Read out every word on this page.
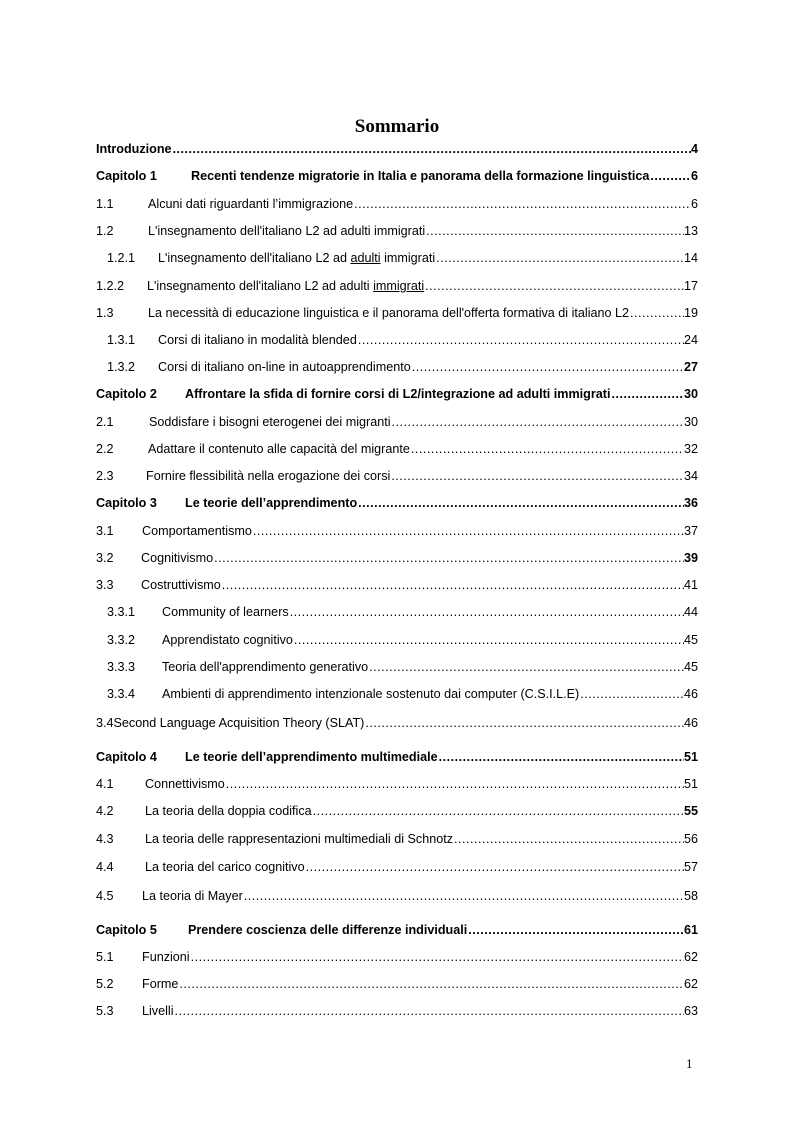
Sommario
Introduzione .....	4
Capitolo 1	Recenti tendenze migratorie in Italia e panorama della formazione linguistica .....	6
1.1	Alcuni dati riguardanti l’immigrazione .....	6
1.2	L'insegnamento dell'italiano L2 ad adulti immigrati .....	13
1.2.1	L'insegnamento dell'italiano L2 ad adulti immigrati .....	14
1.2.2	L'insegnamento dell'italiano L2 ad adulti immigrati .....	17
1.3	La necessità di educazione linguistica e il panorama dell'offerta formativa di italiano L2 .....	19
1.3.1	Corsi di italiano in modalità blended .....	24
1.3.2	Corsi di italiano on-line in autoapprendimento .....	27
Capitolo 2	Affrontare la sfida di fornire corsi di L2/integrazione ad adulti immigrati .....	30
2.1	Soddisfare i bisogni eterogenei dei migranti .....	30
2.2	Adattare il contenuto alle capacità del migrante .....	32
2.3	Fornire flessibilità nella erogazione dei corsi .....	34
Capitolo 3	Le teorie dell’apprendimento .....	36
3.1	Comportamentismo .....	37
3.2	Cognitivismo .....	39
3.3	Costruttivismo .....	41
3.3.1	Community of learners .....	44
3.3.2	Apprendistato cognitivo .....	45
3.3.3	Teoria dell'apprendimento generativo .....	45
3.3.4	Ambienti di apprendimento intenzionale sostenuto dai computer (C.S.I.L.E) .....	46
3.4 Second Language Acquisition Theory (SLAT) .....	46
Capitolo 4	Le teorie dell’apprendimento multimediale .....	51
4.1	Connettivismo .....	51
4.2	La teoria della doppia codifica .....	55
4.3	La teoria delle rappresentazioni multimediali di Schnotz .....	56
4.4	La teoria del carico cognitivo .....	57
4.5	La teoria di Mayer .....	58
Capitolo 5	Prendere coscienza delle differenze individuali .....	61
5.1	Funzioni .....	62
5.2	Forme .....	62
5.3	Livelli .....	63
1
